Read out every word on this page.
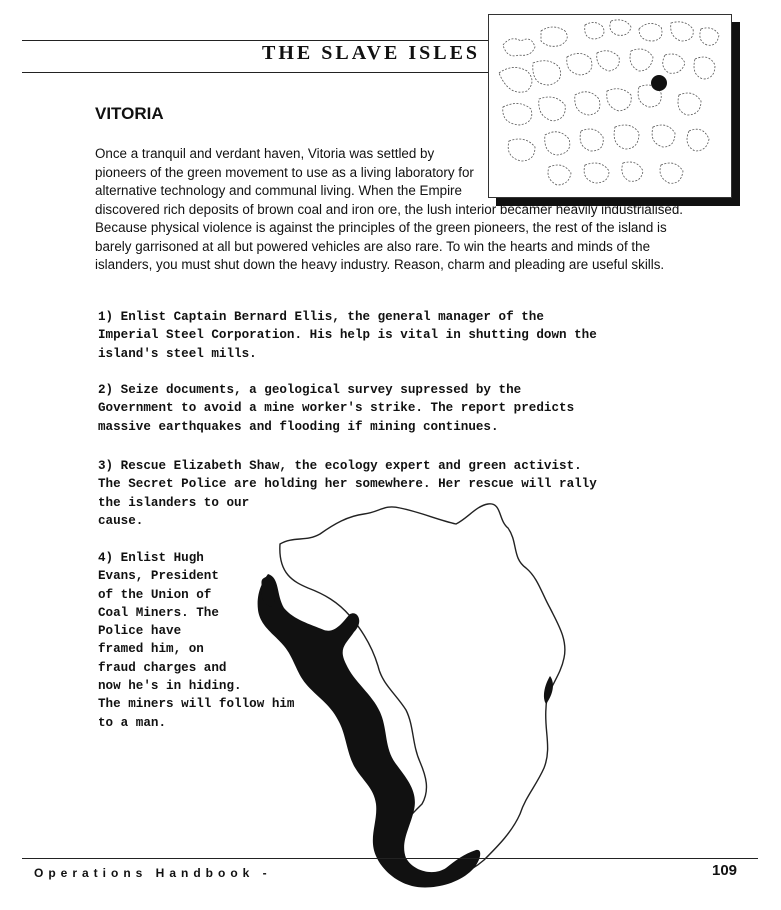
THE SLAVE ISLES
VITORIA
Once a tranquil and verdant haven, Vitoria was settled by pioneers of the green movement to use as a living laboratory for alternative technology and communal living. When the Empire discovered rich deposits of brown coal and iron ore, the lush interior becamer heavily industrialised. Because physical violence is against the principles of the green pioneers, the rest of the island is barely garrisoned at all but powered vehicles are also rare. To win the hearts and minds of the islanders, you must shut down the heavy industry. Reason, charm and pleading are useful skills.

1) Enlist Captain Bernard Ellis, the general manager of the
Imperial Steel Corporation. His help is vital in shutting down the
island's steel mills.

2) Seize documents, a geological survey supressed by the
Government to avoid a mine worker's strike. The report predicts
massive earthquakes and flooding if mining continues.

3) Rescue Elizabeth Shaw, the ecology expert and green activist.
The Secret Police are holding her somewhere. Her rescue will rally
the islanders to our
cause.

4) Enlist Hugh
Evans, President
of the Union of
Coal Miners. The
Police have
framed him, on
fraud charges and
now he's in hiding.
The miners will follow him
to a man.

Operations Handbook -	109
